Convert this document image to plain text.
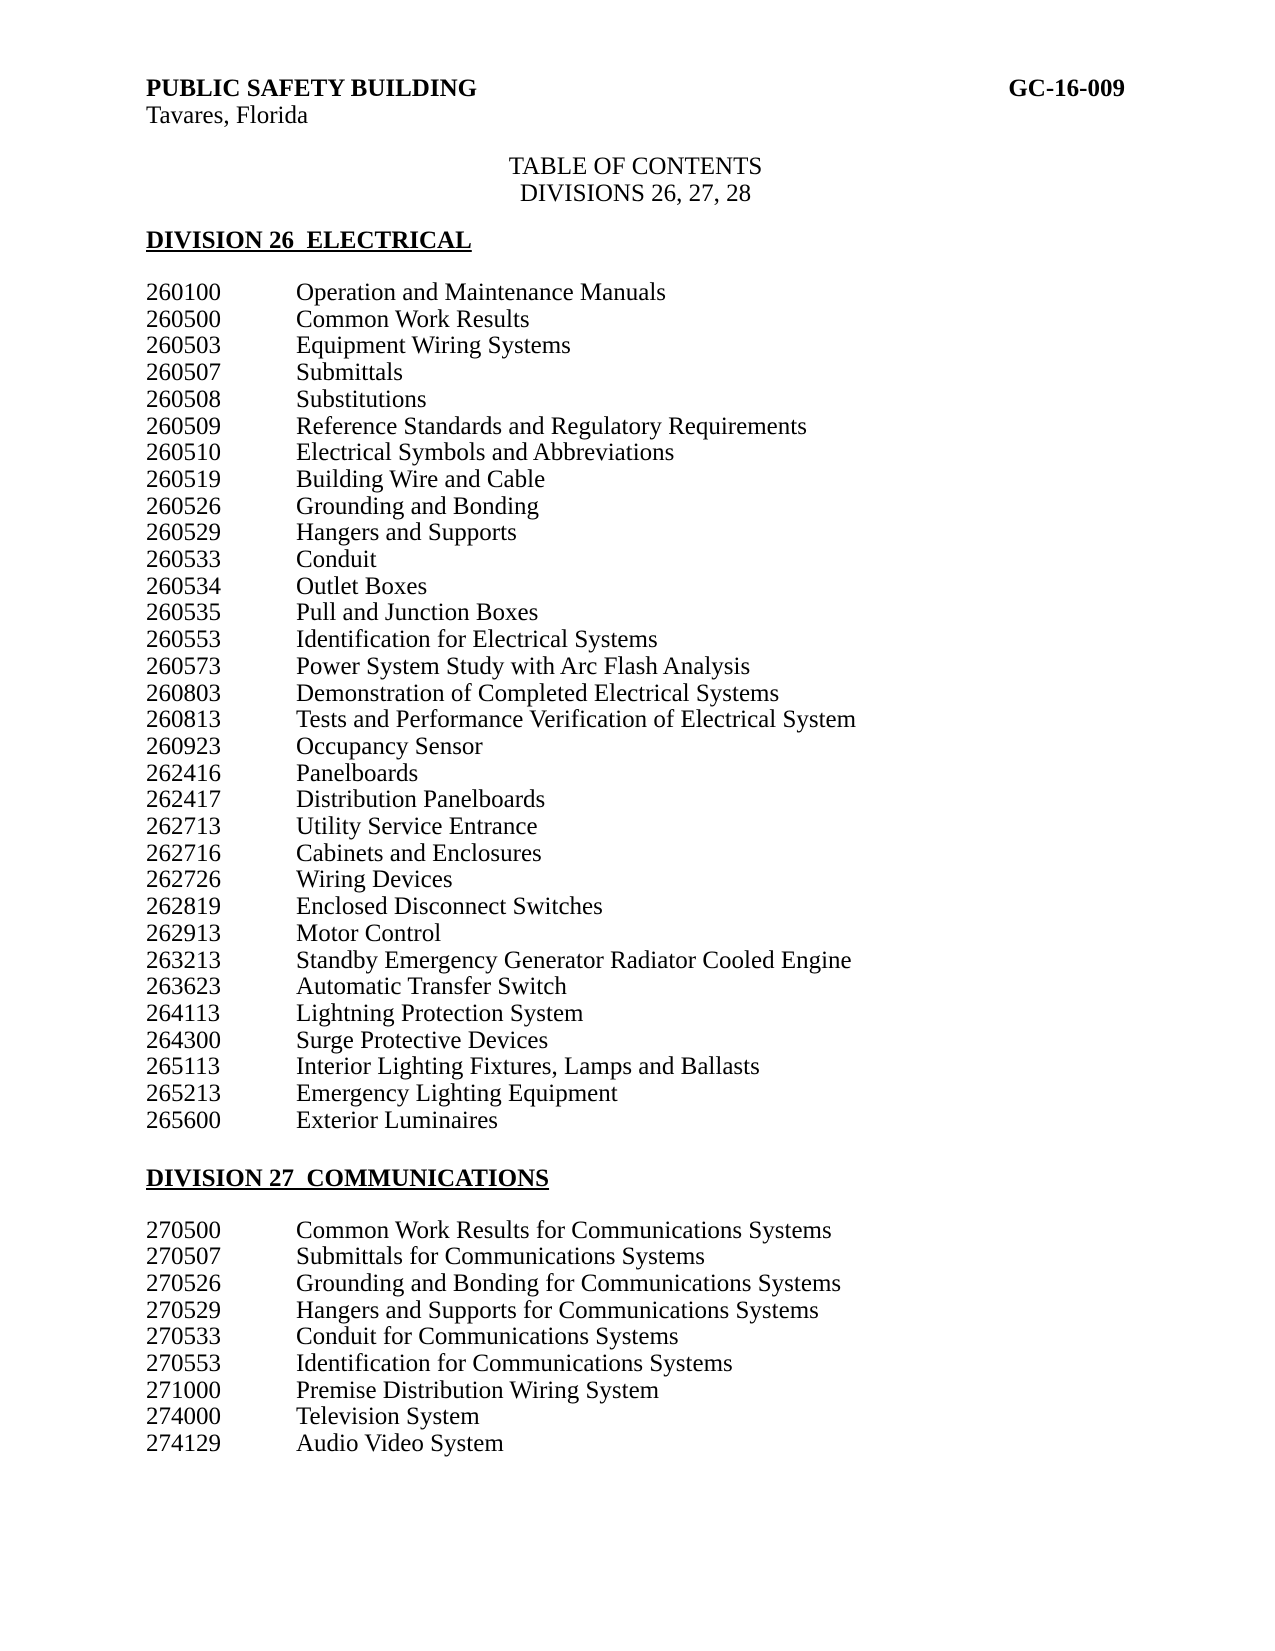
PUBLIC SAFETY BUILDING	GC-16-009
Tavares, Florida
TABLE OF CONTENTS
DIVISIONS 26, 27, 28
DIVISION 26  ELECTRICAL
260100	Operation and Maintenance Manuals
260500	Common Work Results
260503	Equipment Wiring Systems
260507	Submittals
260508	Substitutions
260509	Reference Standards and Regulatory Requirements
260510	Electrical Symbols and Abbreviations
260519	Building Wire and Cable
260526	Grounding and Bonding
260529	Hangers and Supports
260533	Conduit
260534	Outlet Boxes
260535	Pull and Junction Boxes
260553	Identification for Electrical Systems
260573	Power System Study with Arc Flash Analysis
260803	Demonstration of Completed Electrical Systems
260813	Tests and Performance Verification of Electrical System
260923	Occupancy Sensor
262416	Panelboards
262417	Distribution Panelboards
262713	Utility Service Entrance
262716	Cabinets and Enclosures
262726	Wiring Devices
262819	Enclosed Disconnect Switches
262913	Motor Control
263213	Standby Emergency Generator Radiator Cooled Engine
263623	Automatic Transfer Switch
264113	Lightning Protection System
264300	Surge Protective Devices
265113	Interior Lighting Fixtures, Lamps and Ballasts
265213	Emergency Lighting Equipment
265600	Exterior Luminaires
DIVISION 27  COMMUNICATIONS
270500	Common Work Results for Communications Systems
270507	Submittals for Communications Systems
270526	Grounding and Bonding for Communications Systems
270529	Hangers and Supports for Communications Systems
270533	Conduit for Communications Systems
270553	Identification for Communications Systems
271000	Premise Distribution Wiring System
274000	Television System
274129	Audio Video System
